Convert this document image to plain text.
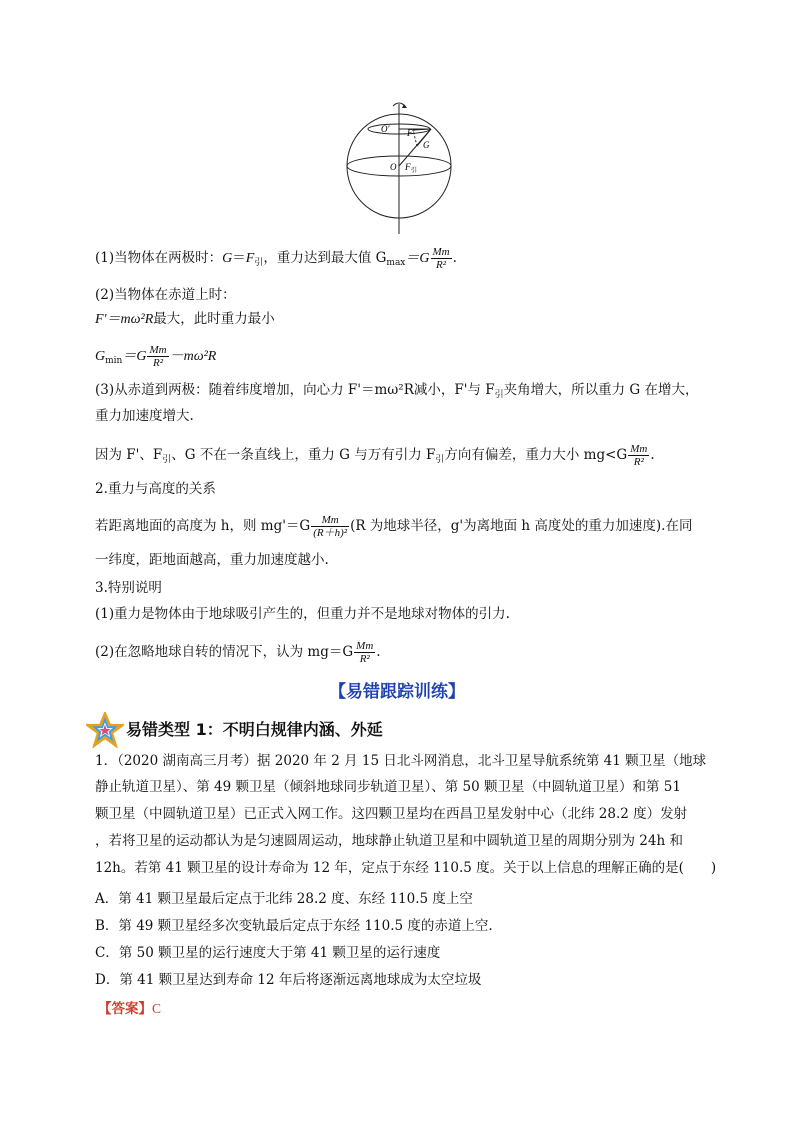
O'
O
F'
G
F 引
(1)当物体在两极时：$G=F_引$，重力达到最大值 $G_{max}=G \frac{Mm}{\text{R²}}$ .
(2)当物体在赤道上时：
F'＝mω²R最大，此时重力最小
$G_{min}=G \frac{Mm}{\text{R²}} -m\omega^2R$
(3)从赤道到两极：随着纬度增加，向心力 F'＝mω²R减小，F'与 $F_引$夹角增大，所以重力 G 在增大，
重力加速度增大.
因为 F'、$F_引$、G 不在一条直线上，重力 G 与万有引力 $F_引$方向有偏差，重力大小 $mg<G \frac{Mm}{\text{R²}}$ .
2.重力与高度的关系
若距离地面的高度为 h，则 $mg'=G \frac{Mm}{\text{(R＋h)²}} (R$ 为地球半径，g'为离地面 h 高度处的重力加速度).在同
一纬度，距地面越高，重力加速度越小.
3.特别说明
(1)重力是物体由于地球吸引产生的，但重力并不是地球对物体的引力.
(2)在忽略地球自转的情况下，认为 $mg=G \frac{Mm}{\text{R²}}$ .
【易错跟踪训练】
易错类型 1：不明白规律内涵、外延
1．（2020 湖南高三月考）据 2020 年 2 月 15 日北斗网消息，北斗卫星导航系统第 41 颗卫星（地球
静止轨道卫星）、第 49 颗卫星（倾斜地球同步轨道卫星）、第 50 颗卫星（中圆轨道卫星）和第 51
颗卫星（中圆轨道卫星）已正式入网工作。这四颗卫星均在西昌卫星发射中心（北纬 28.2 度）发射
，若将卫星的运动都认为是匀速圆周运动，地球静止轨道卫星和中圆轨道卫星的周期分别为 24h 和
12h。若第 41 颗卫星的设计寿命为 12 年，定点于东经 110.5 度。关于以上信息的理解正确的是(　　)
A．第 41 颗卫星最后定点于北纬 28.2 度、东经 110.5 度上空
B．第 49 颗卫星经多次变轨最后定点于东经 110.5 度的赤道上空.
C．第 50 颗卫星的运行速度大于第 41 颗卫星的运行速度
D．第 41 颗卫星达到寿命 12 年后将逐渐远离地球成为太空垃圾
【答案】C
